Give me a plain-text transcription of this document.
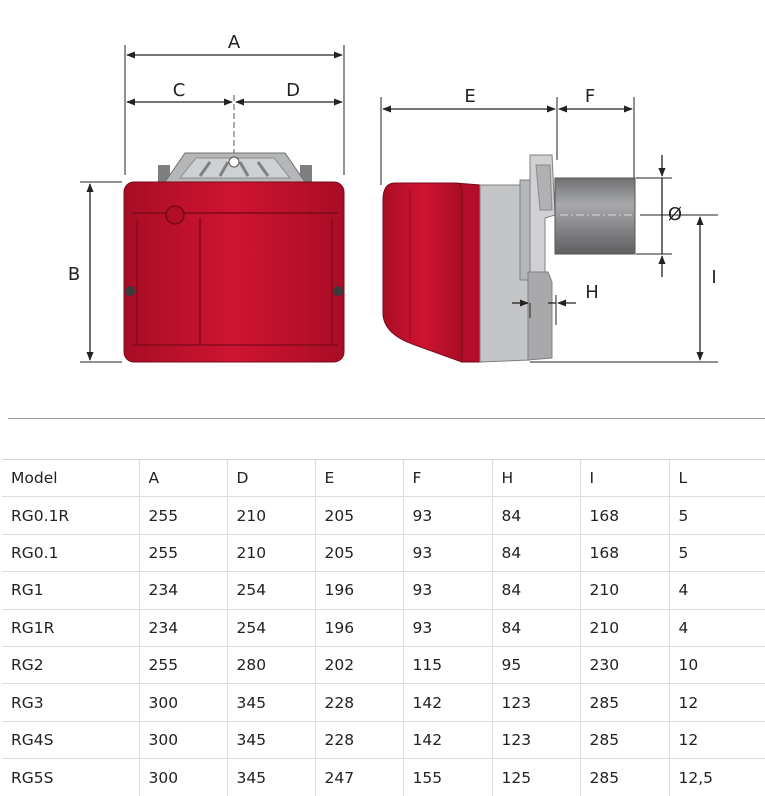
A
C	D
B
E	F
Ø
I
H
Model	A	D	E	F	H	I	L
RG0.1R	255	210	205	93	84	168	5
RG0.1	255	210	205	93	84	168	5
RG1	234	254	196	93	84	210	4
RG1R	234	254	196	93	84	210	4
RG2	255	280	202	115	95	230	10
RG3	300	345	228	142	123	285	12
RG4S	300	345	228	142	123	285	12
RG5S	300	345	247	155	125	285	12,5
